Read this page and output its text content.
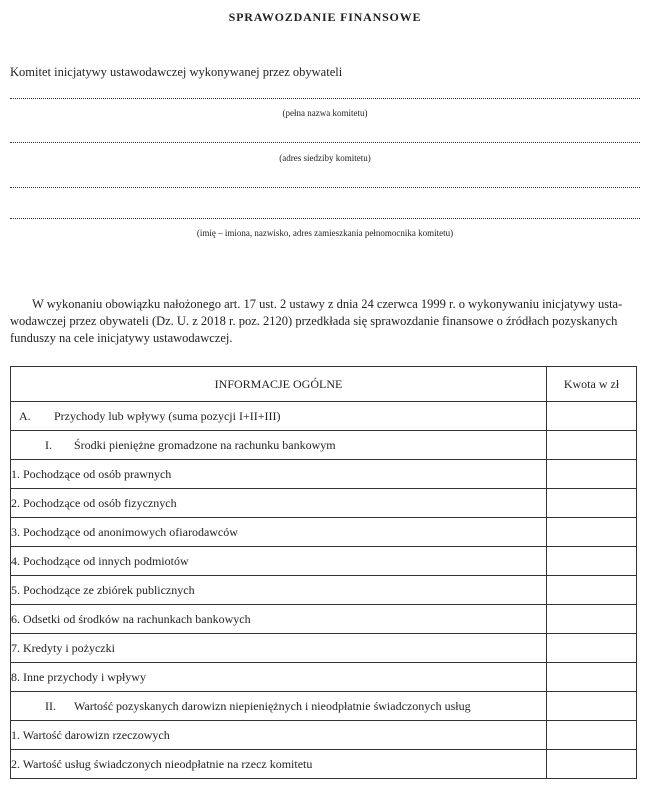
SPRAWOZDANIE FINANSOWE
Komitet inicjatywy ustawodawczej wykonywanej przez obywateli
(pełna nazwa komitetu)
(adres siedziby komitetu)
(imię – imiona, nazwisko, adres zamieszkania pełnomocnika komitetu)
W wykonaniu obowiązku nałożonego art. 17 ust. 2 ustawy z dnia 24 czerwca 1999 r. o wykonywaniu inicjatywy usta-
wodawczej przez obywateli (Dz. U. z 2018 r. poz. 2120) przedkłada się sprawozdanie finansowe o źródłach pozyskanych
funduszy na cele inicjatywy ustawodawczej.
INFORMACJE OGÓLNE	Kwota w zł

A. Przychody lub wpływy (suma pozycji I+II+III)	

I. Środki pieniężne gromadzone na rachunku bankowym	

1. Pochodzące od osób prawnych	
2. Pochodzące od osób fizycznych	
3. Pochodzące od anonimowych ofiarodawców	
4. Pochodzące od innych podmiotów	
5. Pochodzące ze zbiórek publicznych	
6. Odsetki od środków na rachunkach bankowych	
7. Kredyty i pożyczki	
8. Inne przychody i wpływy	

II. Wartość pozyskanych darowizn niepieniężnych i nieodpłatnie świadczonych usług	

1. Wartość darowizn rzeczowych	
2. Wartość usług świadczonych nieodpłatnie na rzecz komitetu	
